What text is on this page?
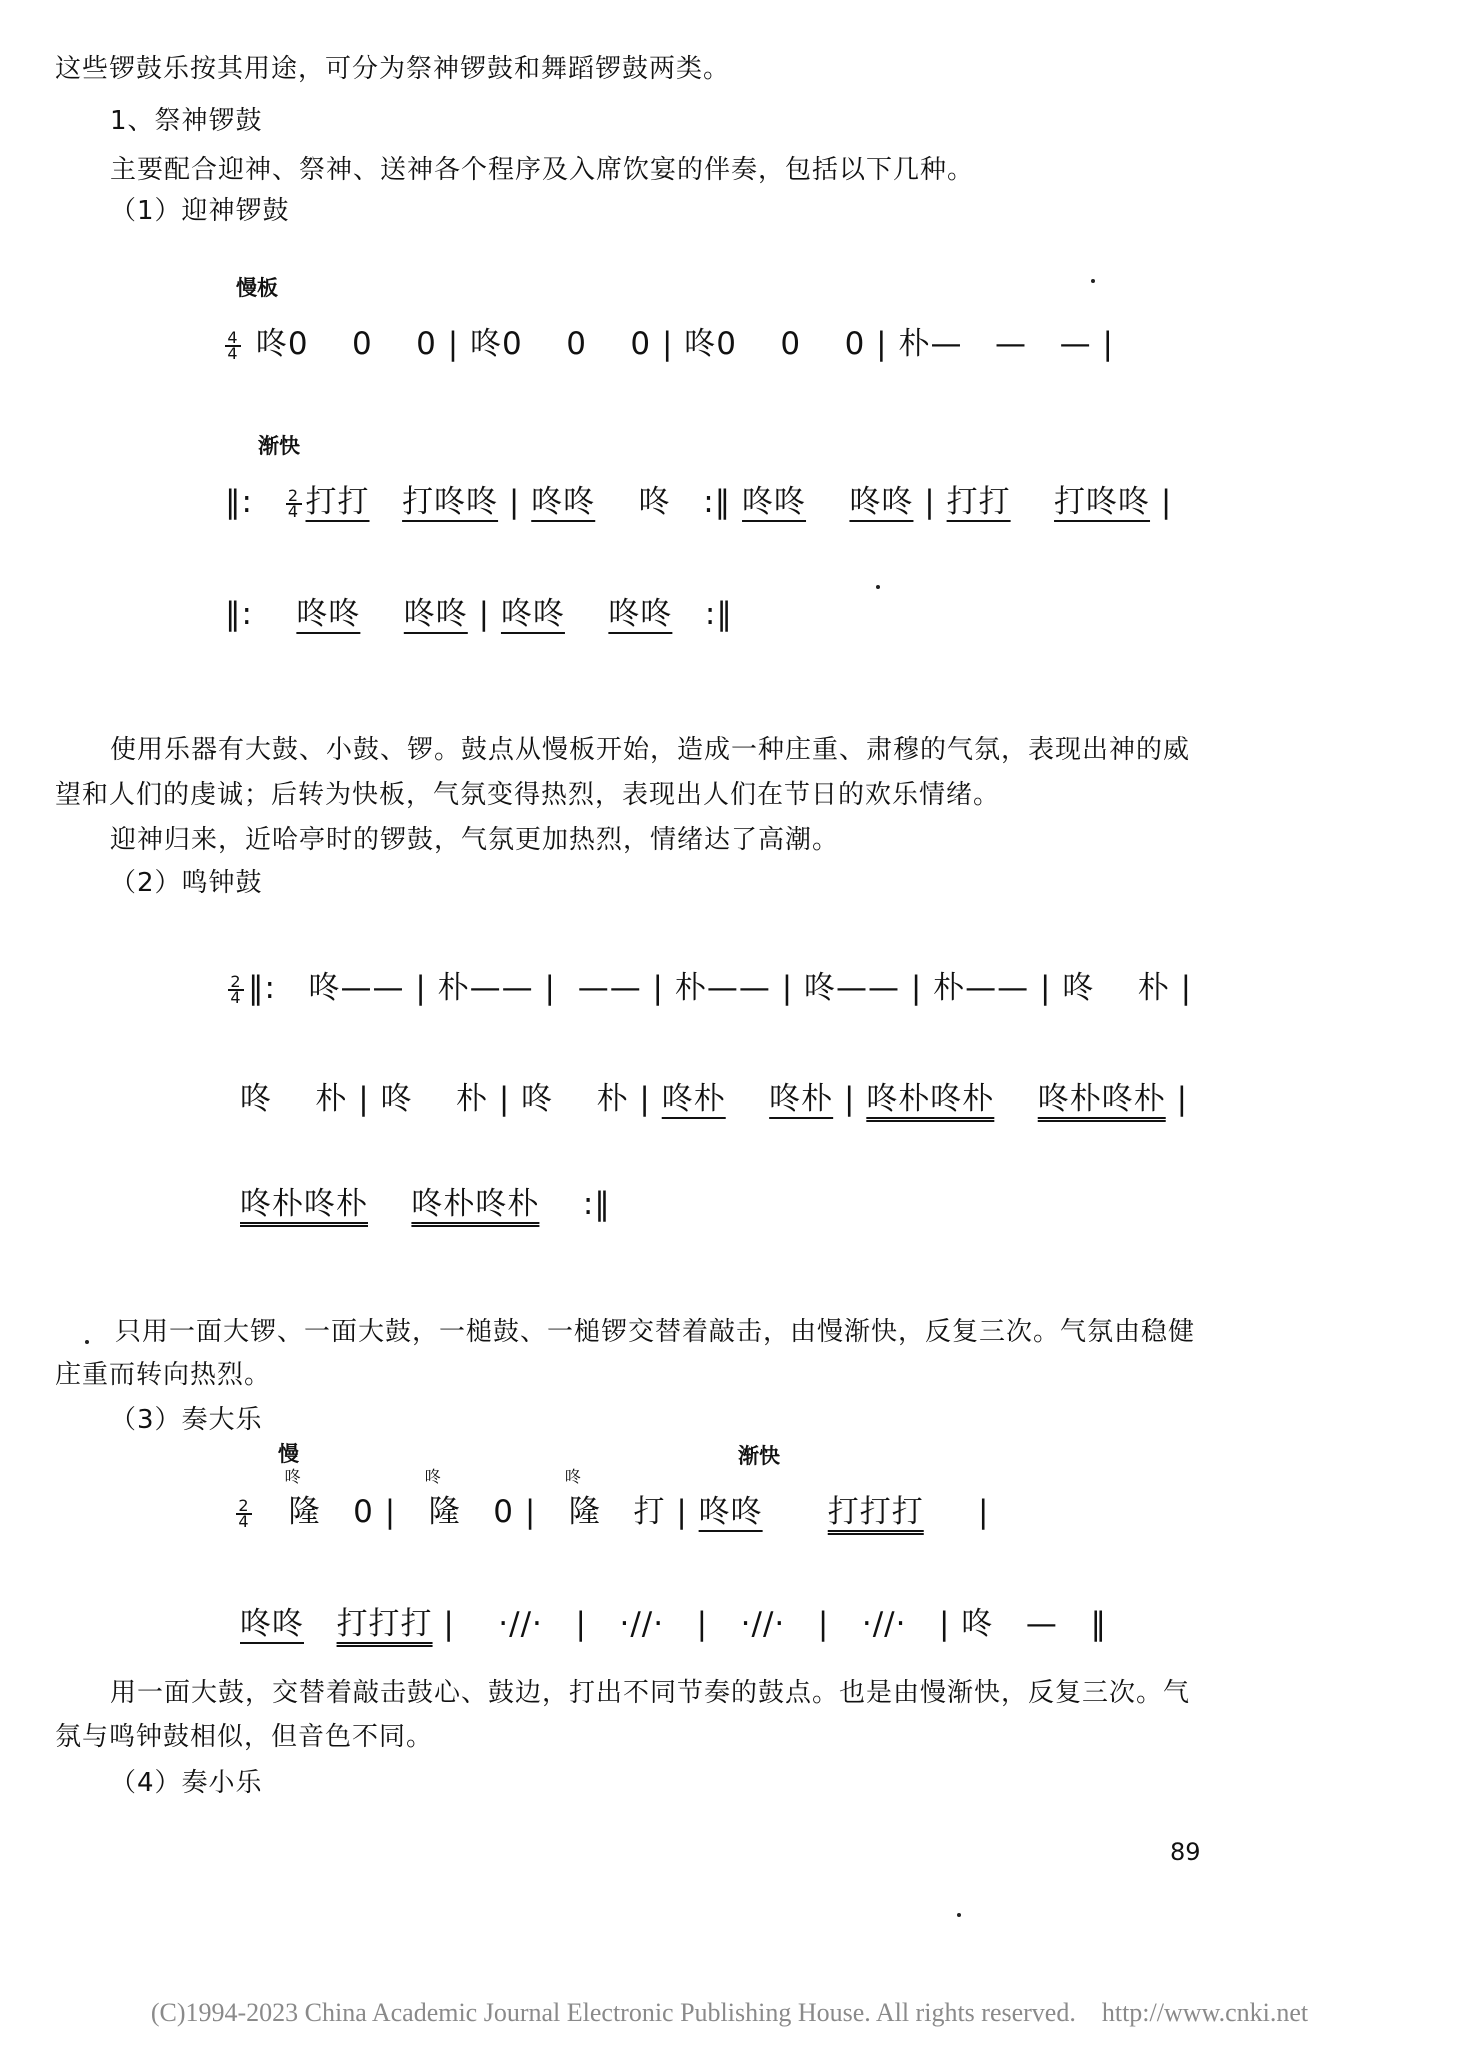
这些锣鼓乐按其用途，可分为祭神锣鼓和舞蹈锣鼓两类。
1、祭神锣鼓
主要配合迎神、祭神、送神各个程序及入席饮宴的伴奏，包括以下几种。
（1）迎神锣鼓
慢板
$\frac{4}{4}$ 咚0 0 0 | 咚0 0 0 | 咚0 0 0 | 朴— — — |
渐快
‖: $\frac{2}{4}$ 打打 打咚咚 | 咚咚 咚   :‖ 咚咚 咚咚 | 打打 打咚咚 |
‖:    咚咚 咚咚 | 咚咚 咚咚   :‖
使用乐器有大鼓、小鼓、锣。鼓点从慢板开始，造成一种庄重、肃穆的气氛，表现出神的威
望和人们的虔诚；后转为快板，气氛变得热烈，表现出人们在节日的欢乐情绪。
迎神归来，近哈亭时的锣鼓，气氛更加热烈，情绪达了高潮。
（2）鸣钟鼓
$\frac{2}{4}$ ‖:   咚—— | 朴—— |  —— | 朴—— | 咚—— | 朴—— | 咚 朴 |
咚 朴 | 咚 朴 | 咚 朴 | 咚朴 咚朴 | 咚朴咚朴 咚朴咚朴 |
咚朴咚朴 咚朴咚朴    :‖
只用一面大锣、一面大鼓，一槌鼓、一槌锣交替着敲击，由慢渐快，反复三次。气氛由稳健
庄重而转向热烈。
（3）奏大乐
慢	渐快
$\frac{2}{4}$

咚
隆 0 |
咚
隆 0 |
咚
隆 打 | 咚咚 打打打     |
咚咚 打打打 |    ·//·   |   ·//·   |   ·//·   |   ·//·   | 咚 —   ‖
用一面大鼓，交替着敲击鼓心、鼓边，打出不同节奏的鼓点。也是由慢渐快，反复三次。气
氛与鸣钟鼓相似，但音色不同。
（4）奏小乐
89
(C)1994-2023 China Academic Journal Electronic Publishing House. All rights reserved. http://www.cnki.net
